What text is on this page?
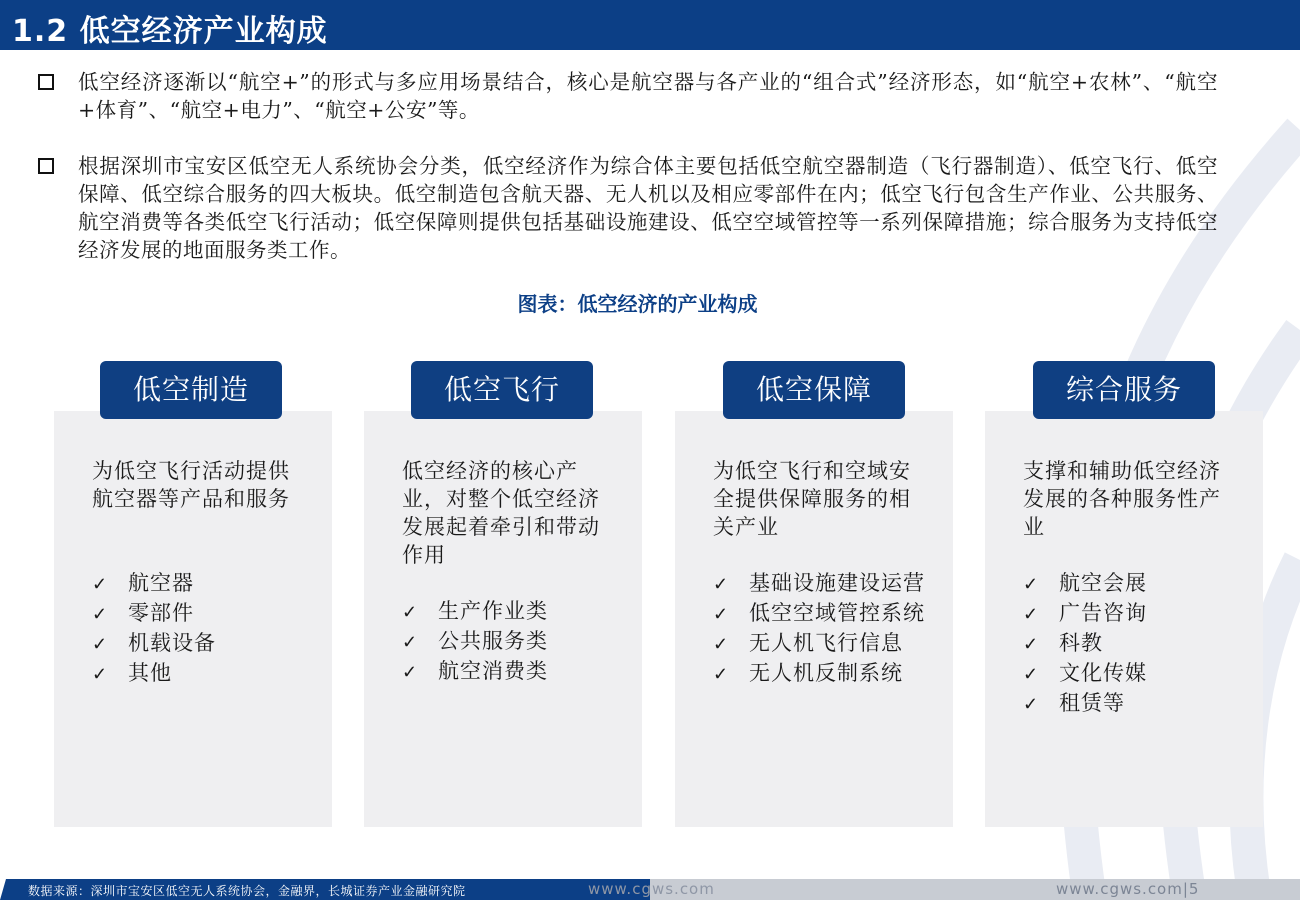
1.2 低空经济产业构成
低空经济逐渐以“航空+”的形式与多应用场景结合，核心是航空器与各产业的“组合式”经济形态，如“航空+农林”、“航空+体育”、“航空+电力”、“航空+公安”等。
根据深圳市宝安区低空无人系统协会分类，低空经济作为综合体主要包括低空航空器制造（飞行器制造）、低空飞行、低空保障、低空综合服务的四大板块。低空制造包含航天器、无人机以及相应零部件在内；低空飞行包含生产作业、公共服务、航空消费等各类低空飞行活动；低空保障则提供包括基础设施建设、低空空域管控等一系列保障措施；综合服务为支持低空经济发展的地面服务类工作。
图表：低空经济的产业构成
为低空飞行活动提供航空器等产品和服务
✓ 航空器
✓ 零部件
✓ 机载设备
✓ 其他
低空制造
低空经济的核心产业，对整个低空经济发展起着牵引和带动作用
✓ 生产作业类
✓ 公共服务类
✓ 航空消费类
低空飞行
为低空飞行和空域安全提供保障服务的相关产业
✓ 基础设施建设运营
✓ 低空空域管控系统
✓ 无人机飞行信息
✓ 无人机反制系统
低空保障
支撑和辅助低空经济发展的各种服务性产业
✓ 航空会展
✓ 广告咨询
✓ 科教
✓ 文化传媒
✓ 租赁等
综合服务
数据来源：深圳市宝安区低空无人系统协会，金融界，长城证券产业金融研究院	www.cgws.com	www.cgws.com|5
